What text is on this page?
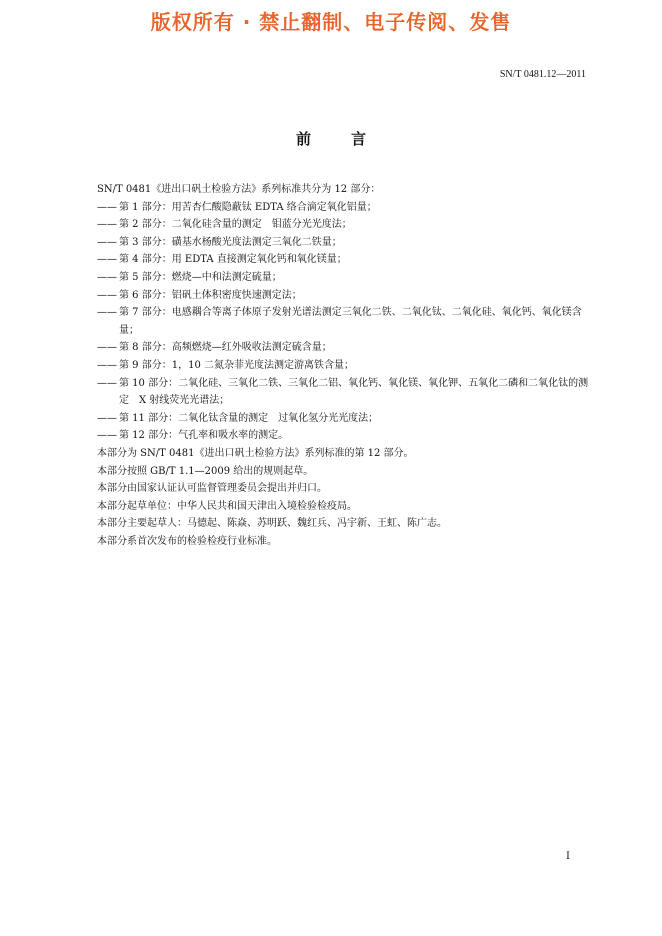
版权所有 · 禁止翻制、电子传阅、发售
SN/T 0481.12—2011
前言
SN/T 0481《进出口矾土检验方法》系列标准共分为 12 部分：
—— 第 1 部分：用苦杏仁酸隐蔽钛 EDTA 络合滴定氧化铝量；
—— 第 2 部分：二氧化硅含量的测定　钼蓝分光光度法；
—— 第 3 部分：磺基水杨酸光度法测定三氧化二铁量；
—— 第 4 部分：用 EDTA 直接测定氧化钙和氧化镁量；
—— 第 5 部分：燃烧—中和法测定硫量；
—— 第 6 部分：铝矾土体积密度快速测定法；
—— 第 7 部分：电感耦合等离子体原子发射光谱法测定三氧化二铁、二氧化钛、二氧化硅、氧化钙、氧化镁含量；
—— 第 8 部分：高频燃烧—红外吸收法测定硫含量；
—— 第 9 部分：1，10 二氮杂菲光度法测定游离铁含量；
—— 第 10 部分：二氧化硅、三氧化二铁、三氧化二铝、氧化钙、氧化镁、氧化钾、五氧化二磷和二氧化钛的测定　X 射线荧光光谱法；
—— 第 11 部分：二氧化钛含量的测定　过氧化氢分光光度法；
—— 第 12 部分：气孔率和吸水率的测定。
本部分为 SN/T 0481《进出口矾土检验方法》系列标准的第 12 部分。
本部分按照 GB/T 1.1—2009 给出的规则起草。
本部分由国家认证认可监督管理委员会提出并归口。
本部分起草单位：中华人民共和国天津出入境检验检疫局。
本部分主要起草人：马德起、陈焱、苏明跃、魏红兵、冯宇新、王虹、陈广志。
本部分系首次发布的检验检疫行业标准。
I
